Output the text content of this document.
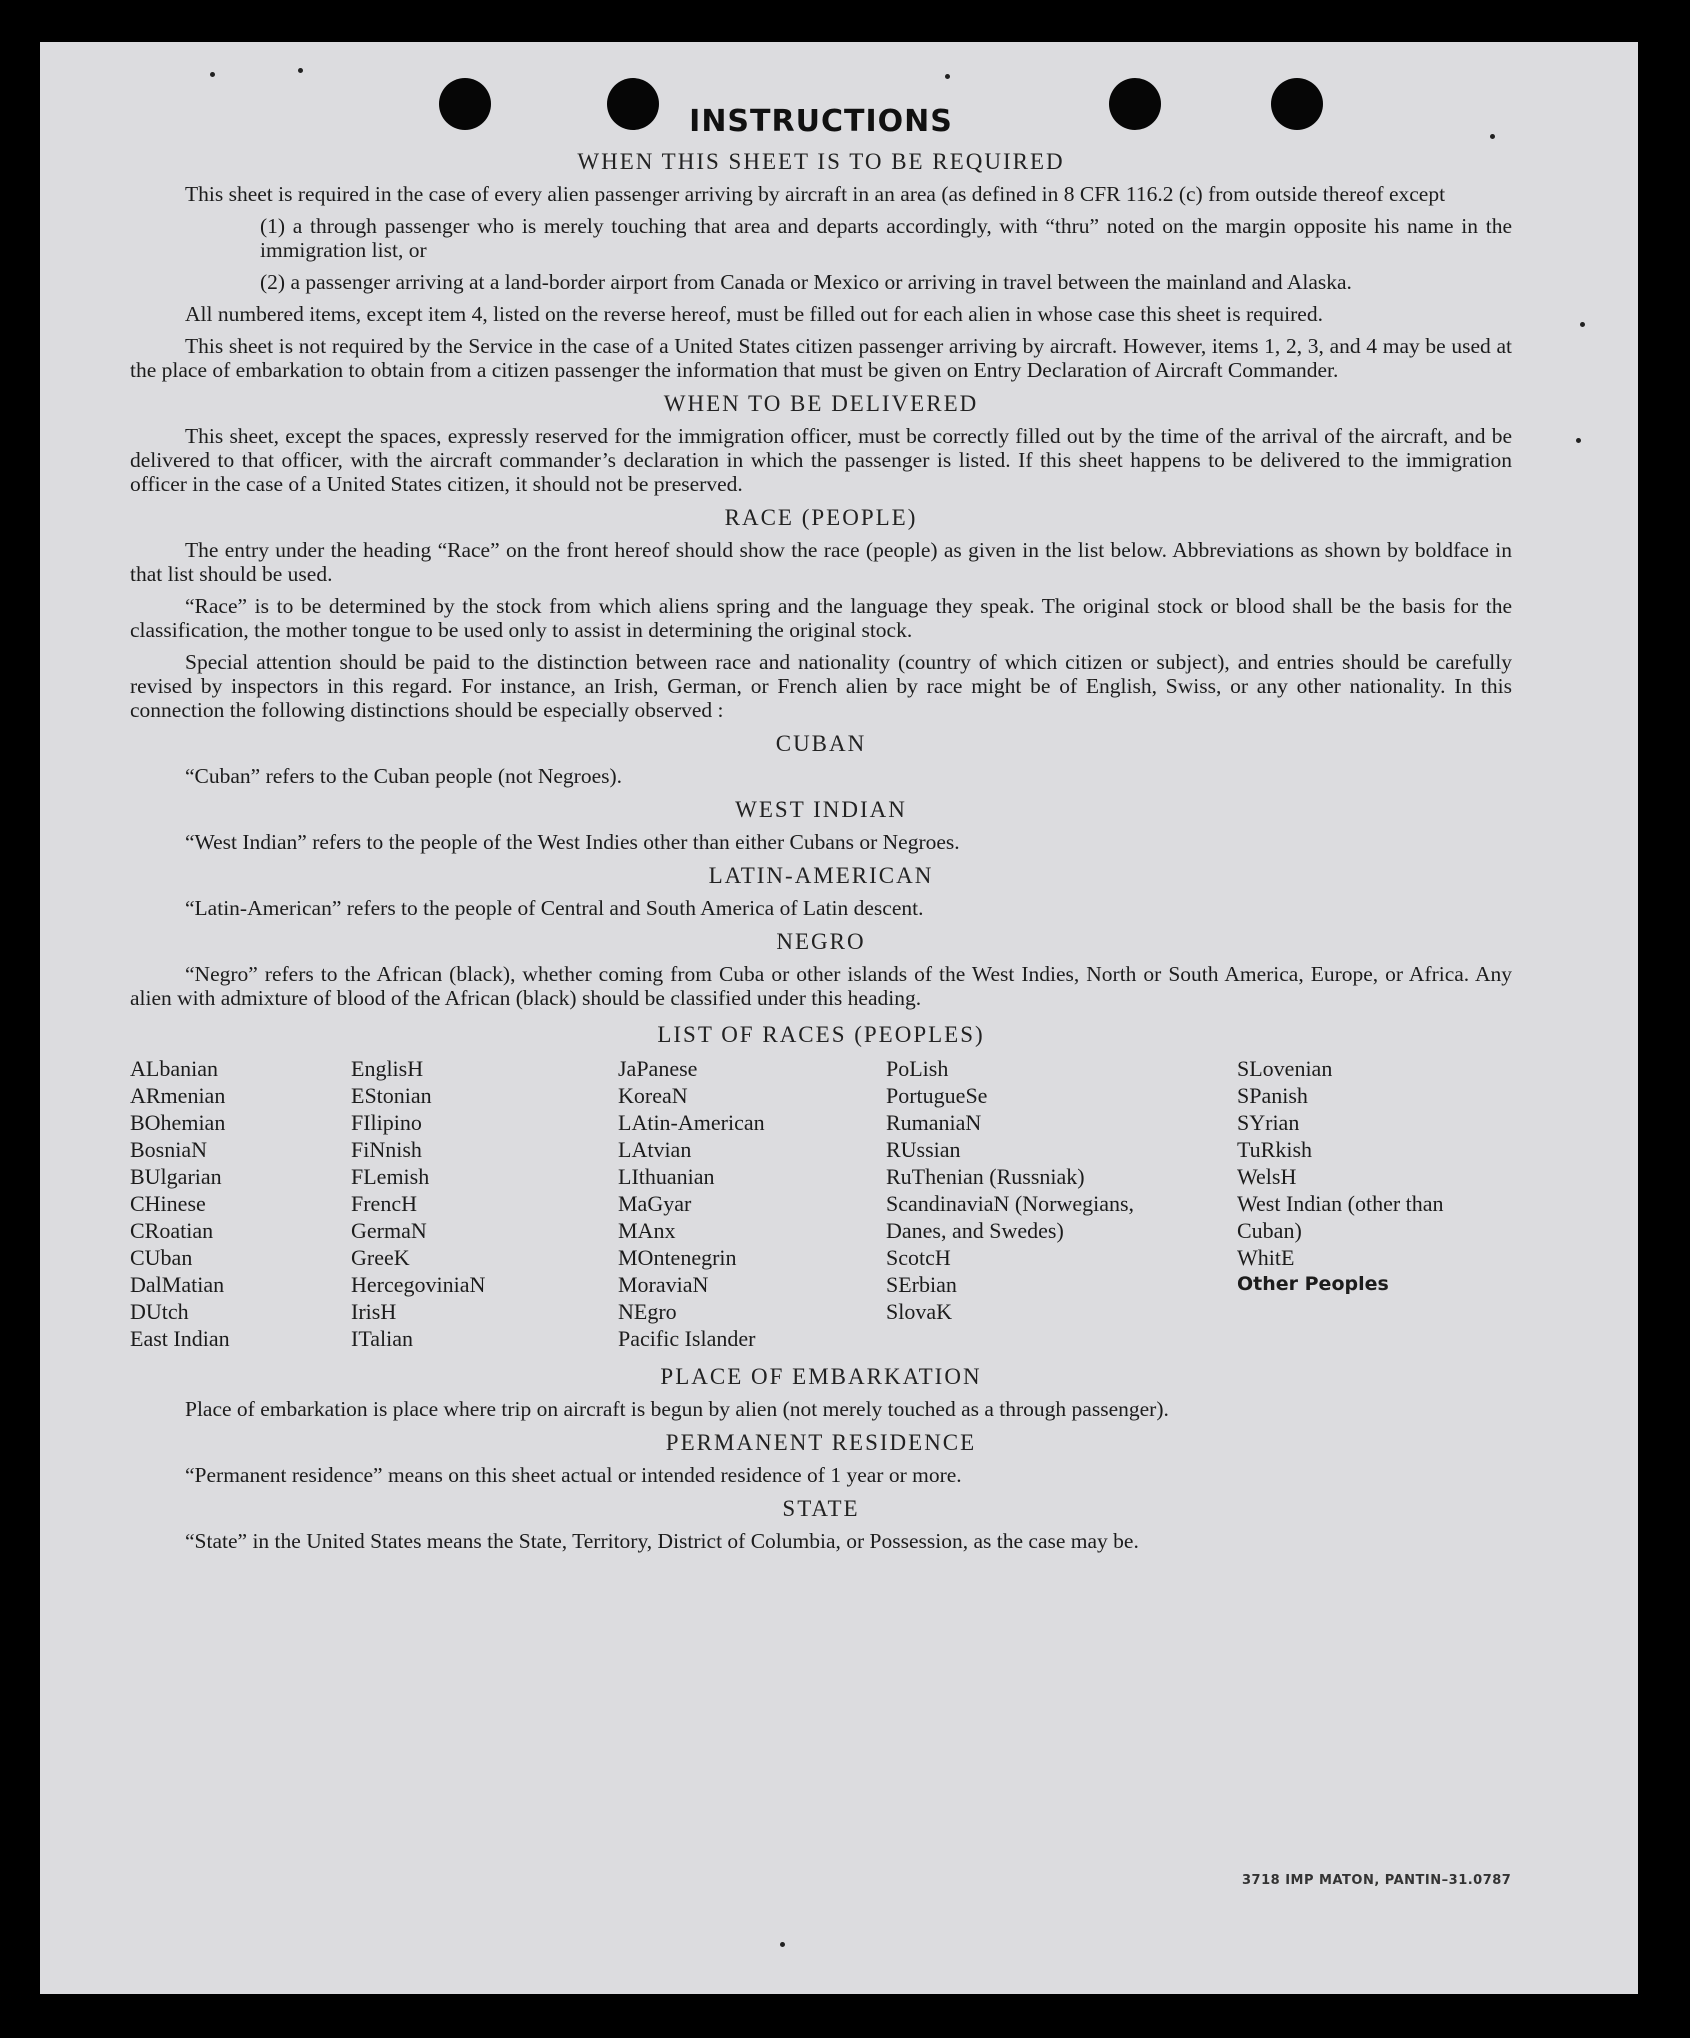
INSTRUCTIONS
WHEN THIS SHEET IS TO BE REQUIRED

This sheet is required in the case of every alien passenger arriving by aircraft in an area (as defined in 8 CFR 116.2 (c) from outside thereof except

(1) a through passenger who is merely touching that area and departs accordingly, with “thru” noted on the margin opposite his name in the immigration list, or

(2) a passenger arriving at a land-border airport from Canada or Mexico or arriving in travel between the mainland and Alaska.

All numbered items, except item 4, listed on the reverse hereof, must be filled out for each alien in whose case this sheet is required.

This sheet is not required by the Service in the case of a United States citizen passenger arriving by aircraft. However, items 1, 2, 3, and 4 may be used at the place of embarkation to obtain from a citizen passenger the information that must be given on Entry Declaration of Aircraft Commander.

WHEN TO BE DELIVERED

This sheet, except the spaces, expressly reserved for the immigration officer, must be correctly filled out by the time of the arrival of the aircraft, and be delivered to that officer, with the aircraft commander’s declaration in which the passenger is listed. If this sheet happens to be delivered to the immigration officer in the case of a United States citizen, it should not be preserved.

RACE (PEOPLE)

The entry under the heading “Race” on the front hereof should show the race (people) as given in the list below. Abbreviations as shown by boldface in that list should be used.

“Race” is to be determined by the stock from which aliens spring and the language they speak. The original stock or blood shall be the basis for the classification, the mother tongue to be used only to assist in determining the original stock.

Special attention should be paid to the distinction between race and nationality (country of which citizen or subject), and entries should be carefully revised by inspectors in this regard. For instance, an Irish, German, or French alien by race might be of English, Swiss, or any other nationality. In this connection the following distinctions should be especially observed :

CUBAN

“Cuban” refers to the Cuban people (not Negroes).

WEST INDIAN

“West Indian” refers to the people of the West Indies other than either Cubans or Negroes.

LATIN-AMERICAN

“Latin-American” refers to the people of Central and South America of Latin descent.

NEGRO

“Negro” refers to the African (black), whether coming from Cuba or other islands of the West Indies, North or South America, Europe, or Africa. Any alien with admixture of blood of the African (black) should be classified under this heading.

LIST OF RACES (PEOPLES)
ALbanian
ARmenian
BOhemian
BosniaN
BUlgarian
CHinese
CRoatian
CUban
DalMatian
DUtch
East Indian
EnglisH
EStonian
FIlipino
FiNnish
FLemish
FrencH
GermaN
GreeK
HercegoviniaN
IrisH
ITalian
JaPanese
KoreaN
LAtin-American
LAtvian
LIthuanian
MaGyar
MAnx
MOntenegrin
MoraviaN
NEgro
Pacific Islander
PoLish
PortugueSe
RumaniaN
RUssian
RuThenian (Russniak)
ScandinaviaN (Norwegians, Danes, and Swedes)
ScotcH
SErbian
SlovaK
SLovenian
SPanish
SYrian
TuRkish
WelsH
West Indian (other than Cuban)
WhitE
Other Peoples
PLACE OF EMBARKATION

Place of embarkation is place where trip on aircraft is begun by alien (not merely touched as a through passenger).

PERMANENT RESIDENCE

“Permanent residence” means on this sheet actual or intended residence of 1 year or more.

STATE

“State” in the United States means the State, Territory, District of Columbia, or Possession, as the case may be.

3718 IMP MATON, PANTIN–31.0787
